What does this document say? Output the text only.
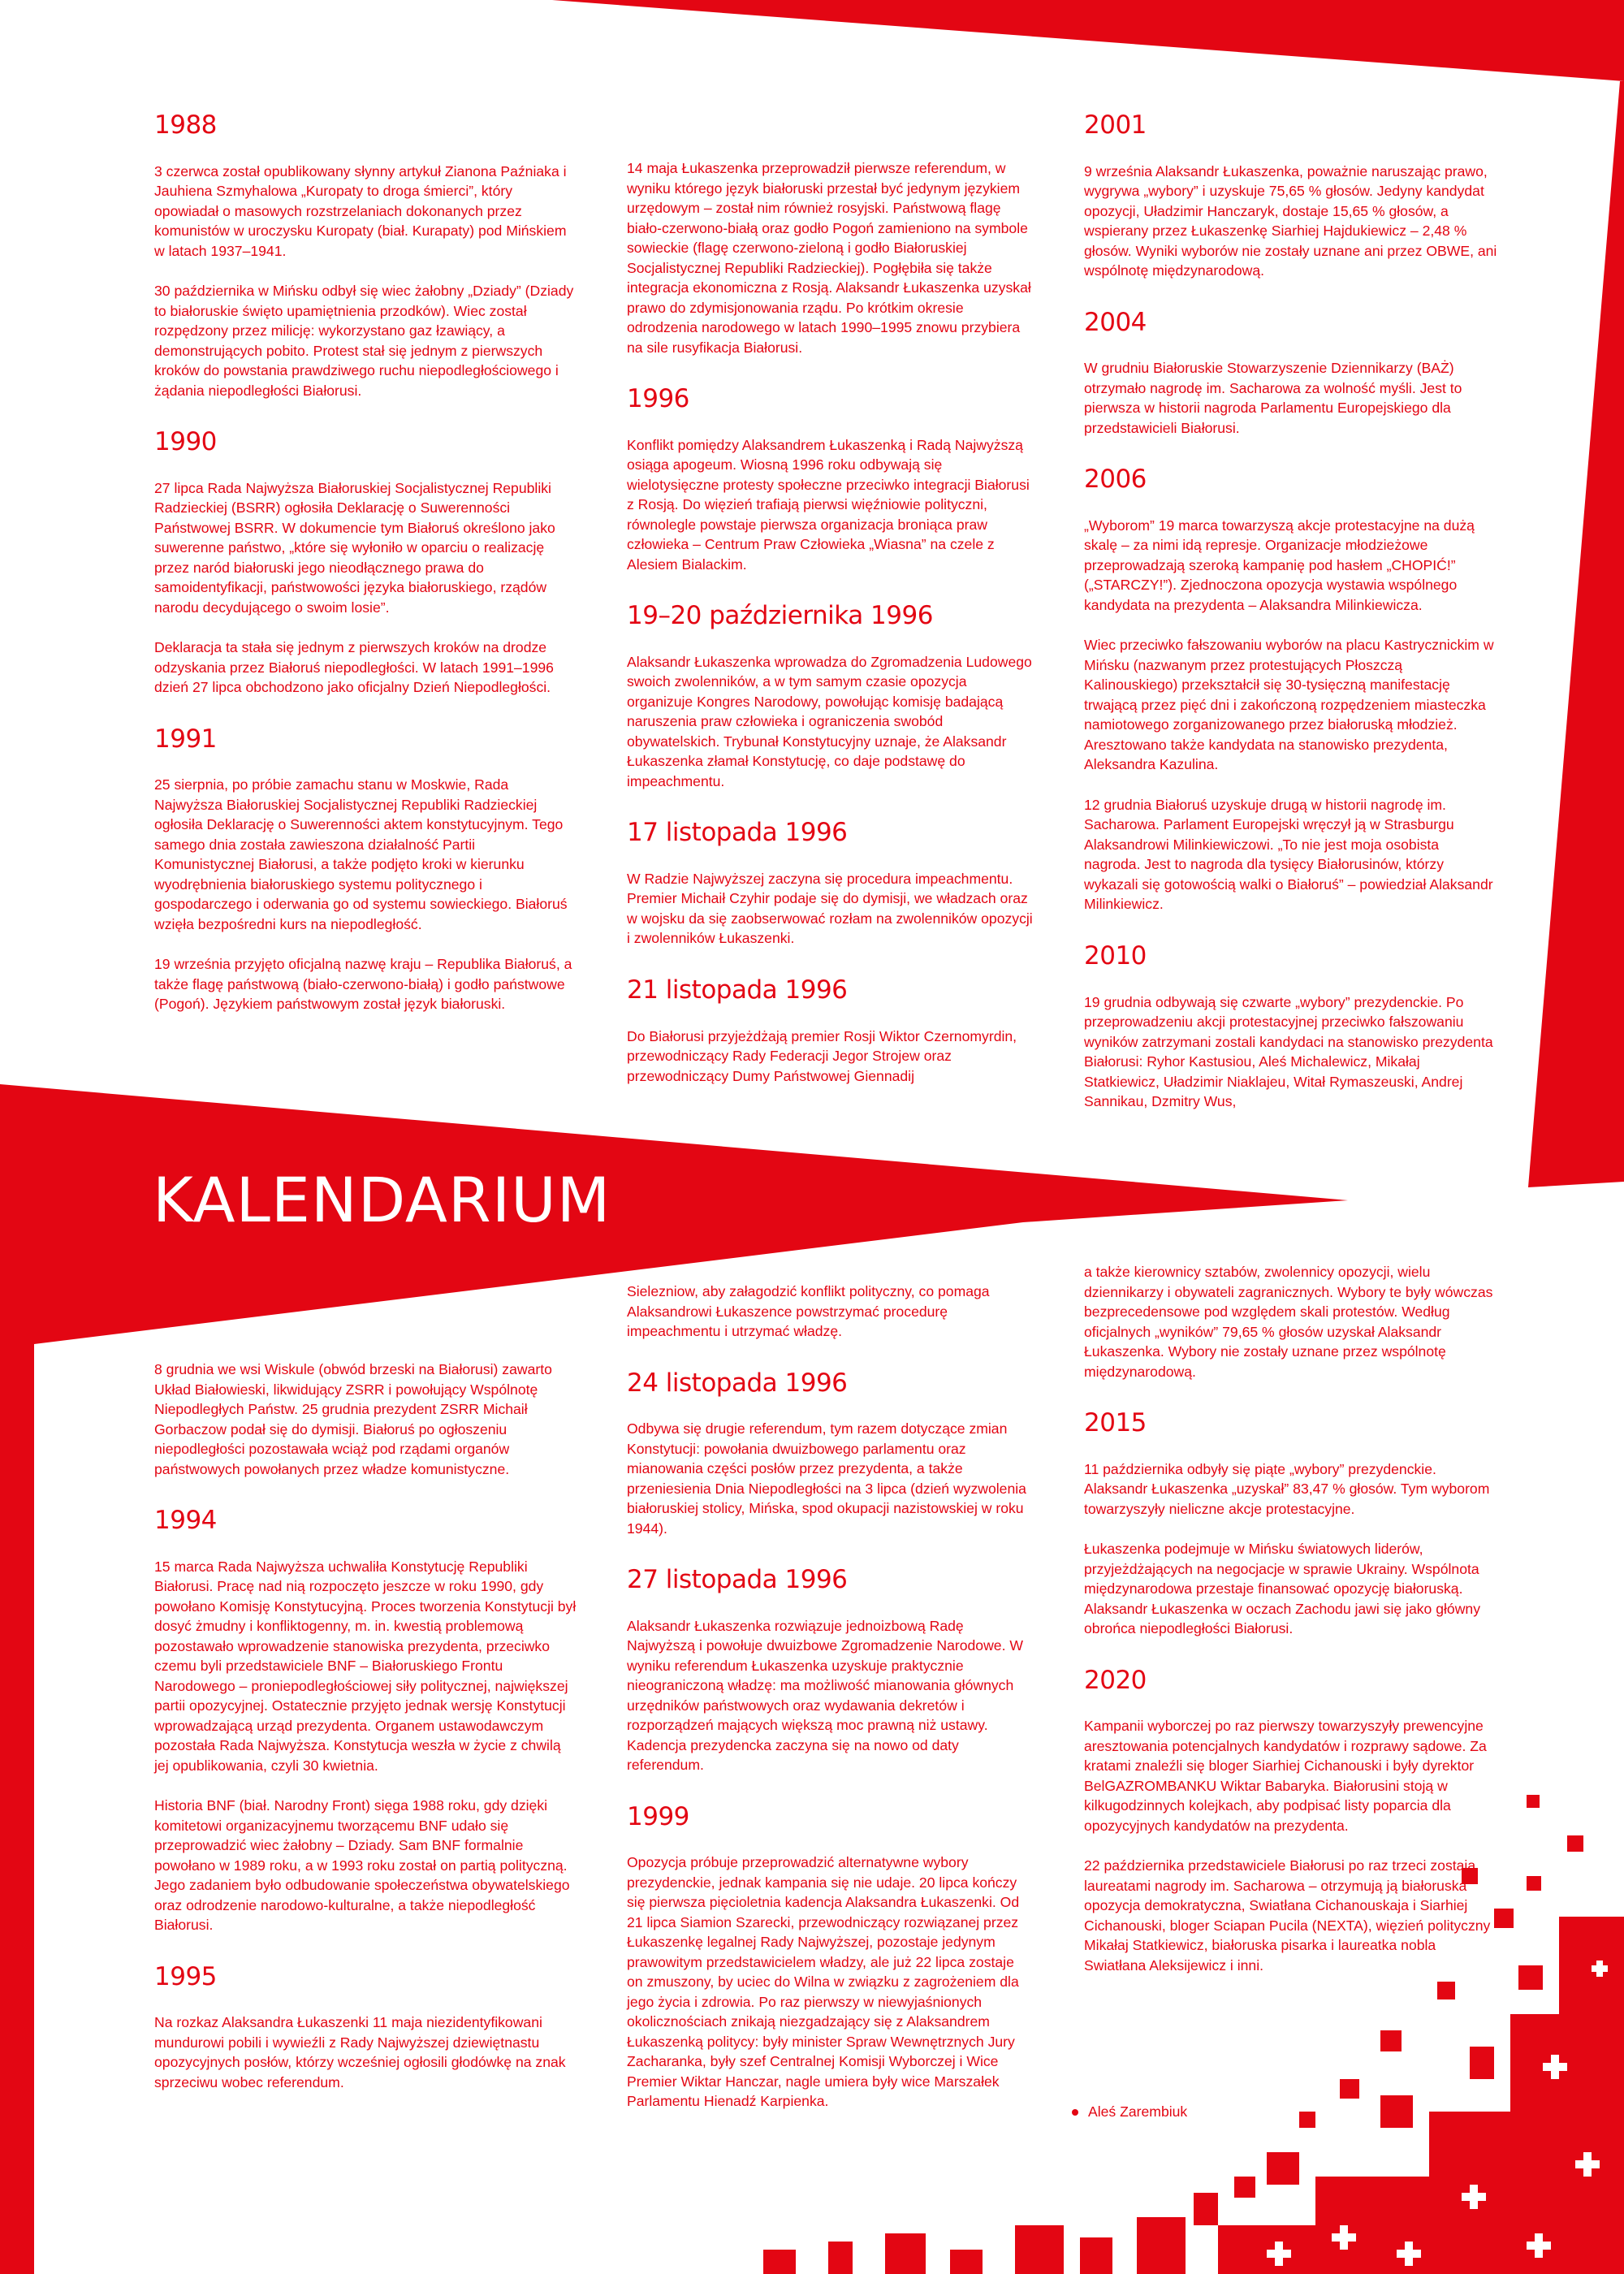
KALENDARIUM
1988

3 czerwca został opublikowany słynny artykuł Zianona Paźniaka i Jauhiena Szmyhalowa „Kuropaty to droga śmierci”, który opowiadał o masowych rozstrzelaniach dokonanych przez komunistów w uroczysku Kuropaty (biał. Kurapaty) pod Mińskiem w latach 1937–1941.

30 października w Mińsku odbył się wiec żałobny „Dziady” (Dziady to białoruskie święto upamiętnienia przodków). Wiec został rozpędzony przez milicję: wykorzystano gaz łzawiący, a demonstrujących pobito. Protest stał się jednym z pierwszych kroków do powstania prawdziwego ruchu niepodległościowego i żądania niepodległości Białorusi.

1990

27 lipca Rada Najwyższa Białoruskiej Socjalistycznej Republiki Radzieckiej (BSRR) ogłosiła Deklarację o Suwerenności Państwowej BSRR. W dokumencie tym Białoruś określono jako suwerenne państwo, „które się wyłoniło w oparciu o realizację przez naród białoruski jego nieodłącznego prawa do samoidentyfikacji, państwowości języka białoruskiego, rządów narodu decydującego o swoim losie”.

Deklaracja ta stała się jednym z pierwszych kroków na drodze odzyskania przez Białoruś niepodległości. W latach 1991–1996 dzień 27 lipca obchodzono jako oficjalny Dzień Niepodległości.

1991

25 sierpnia, po próbie zamachu stanu w Moskwie, Rada Najwyższa Białoruskiej Socjalistycznej Republiki Radzieckiej ogłosiła Deklarację o Suwerenności aktem konstytucyjnym. Tego samego dnia została zawieszona działalność Partii Komunistycznej Białorusi, a także podjęto kroki w kierunku wyodrębnienia białoruskiego systemu politycznego i gospodarczego i oderwania go od systemu sowieckiego. Białoruś wzięła bezpośredni kurs na niepodległość.

19 września przyjęto oficjalną nazwę kraju – Republika Białoruś, a także flagę państwową (biało-czerwono-białą) i godło państwowe (Pogoń). Językiem państwowym został język białoruski.

14 maja Łukaszenka przeprowadził pierwsze referendum, w wyniku którego język białoruski przestał być jedynym językiem urzędowym – został nim również rosyjski. Państwową flagę biało-czerwono-białą oraz godło Pogoń zamieniono na symbole sowieckie (flagę czerwono-zieloną i godło Białoruskiej Socjalistycznej Republiki Radzieckiej). Pogłębiła się także integracja ekonomiczna z Rosją. Alaksandr Łukaszenka uzyskał prawo do zdymisjonowania rządu. Po krótkim okresie odrodzenia narodowego w latach 1990–1995 znowu przybiera na sile rusyfikacja Białorusi.

1996

Konflikt pomiędzy Alaksandrem Łukaszenką i Radą Najwyższą osiąga apogeum. Wiosną 1996 roku odbywają się wielotysięczne protesty społeczne przeciwko integracji Białorusi z Rosją. Do więzień trafiają pierwsi więźniowie polityczni, równolegle powstaje pierwsza organizacja broniąca praw człowieka – Centrum Praw Człowieka „Wiasna” na czele z Alesiem Bialackim.

19–20 października 1996

Alaksandr Łukaszenka wprowadza do Zgromadzenia Ludowego swoich zwolenników, a w tym samym czasie opozycja organizuje Kongres Narodowy, powołując komisję badającą naruszenia praw człowieka i ograniczenia swobód obywatelskich. Trybunał Konstytucyjny uznaje, że Alaksandr Łukaszenka złamał Konstytucję, co daje podstawę do impeachmentu.

17 listopada 1996

W Radzie Najwyższej zaczyna się procedura impeachmentu. Premier Michaił Czyhir podaje się do dymisji, we władzach oraz w wojsku da się zaobserwować rozłam na zwolenników opozycji i zwolenników Łukaszenki.

21 listopada 1996

Do Białorusi przyjeżdżają premier Rosji Wiktor Czernomyrdin, przewodniczący Rady Federacji Jegor Strojew oraz przewodniczący Dumy Państwowej Giennadij

2001

9 września Alaksandr Łukaszenka, poważnie naruszając prawo, wygrywa „wybory” i uzyskuje 75,65 % głosów. Jedyny kandydat opozycji, Uładzimir Hanczaryk, dostaje 15,65 % głosów, a wspierany przez Łukaszenkę Siarhiej Hajdukiewicz – 2,48 % głosów. Wyniki wyborów nie zostały uznane ani przez OBWE, ani wspólnotę międzynarodową.

2004

W grudniu Białoruskie Stowarzyszenie Dziennikarzy (BAŻ) otrzymało nagrodę im. Sacharowa za wolność myśli. Jest to pierwsza w historii nagroda Parlamentu Europejskiego dla przedstawicieli Białorusi.

2006

„Wyborom” 19 marca towarzyszą akcje protestacyjne na dużą skalę – za nimi idą represje. Organizacje młodzieżowe przeprowadzają szeroką kampanię pod hasłem „CHOPIĆ!” („STARCZY!”). Zjednoczona opozycja wystawia wspólnego kandydata na prezydenta – Alaksandra Milinkiewicza.

Wiec przeciwko fałszowaniu wyborów na placu Kastrycznickim w Mińsku (nazwanym przez protestujących Płoszczą Kalinouskiego) przekształcił się 30-tysięczną manifestację trwającą przez pięć dni i zakończoną rozpędzeniem miasteczka namiotowego zorganizowanego przez białoruską młodzież. Aresztowano także kandydata na stanowisko prezydenta, Aleksandra Kazulina.

12 grudnia Białoruś uzyskuje drugą w historii nagrodę im. Sacharowa. Parlament Europejski wręczył ją w Strasburgu Alaksandrowi Milinkiewiczowi. „To nie jest moja osobista nagroda. Jest to nagroda dla tysięcy Białorusinów, którzy wykazali się gotowością walki o Białoruś” – powiedział Alaksandr Milinkiewicz.

2010

19 grudnia odbywają się czwarte „wybory” prezydenckie. Po przeprowadzeniu akcji protestacyjnej przeciwko fałszowaniu wyników zatrzymani zostali kandydaci na stanowisko prezydenta Białorusi: Ryhor Kastusiou, Aleś Michalewicz, Mikałaj Statkiewicz, Uładzimir Niaklajeu, Witał Rymaszeuski, Andrej Sannikau, Dzmitry Wus,

8 grudnia we wsi Wiskule (obwód brzeski na Białorusi) zawarto Układ Białowieski, likwidujący ZSRR i powołujący Wspólnotę Niepodległych Państw. 25 grudnia prezydent ZSRR Michaił Gorbaczow podał się do dymisji. Białoruś po ogłoszeniu niepodległości pozostawała wciąż pod rządami organów państwowych powołanych przez władze komunistyczne.

1994

15 marca Rada Najwyższa uchwaliła Konstytucję Republiki Białorusi. Pracę nad nią rozpoczęto jeszcze w roku 1990, gdy powołano Komisję Konstytucyjną. Proces tworzenia Konstytucji był dosyć żmudny i konfliktogenny, m. in. kwestią problemową pozostawało wprowadzenie stanowiska prezydenta, przeciwko czemu byli przedstawiciele BNF – Białoruskiego Frontu Narodowego – proniepodległościowej siły politycznej, największej partii opozycyjnej. Ostatecznie przyjęto jednak wersję Konstytucji wprowadzającą urząd prezydenta. Organem ustawodawczym pozostała Rada Najwyższa. Konstytucja weszła w życie z chwilą jej opublikowania, czyli 30 kwietnia.

Historia BNF (biał. Narodny Front) sięga 1988 roku, gdy dzięki komitetowi organizacyjnemu tworzącemu BNF udało się przeprowadzić wiec żałobny – Dziady. Sam BNF formalnie powołano w 1989 roku, a w 1993 roku został on partią polityczną. Jego zadaniem było odbudowanie społeczeństwa obywatelskiego oraz odrodzenie narodowo-kulturalne, a także niepodległość Białorusi.

1995

Na rozkaz Alaksandra Łukaszenki 11 maja niezidentyfikowani mundurowi pobili i wywieźli z Rady Najwyższej dziewiętnastu opozycyjnych posłów, którzy wcześniej ogłosili głodówkę na znak sprzeciwu wobec referendum.

Sielezniow, aby załagodzić konflikt polityczny, co pomaga Alaksandrowi Łukaszence powstrzymać procedurę impeachmentu i utrzymać władzę.

24 listopada 1996

Odbywa się drugie referendum, tym razem dotyczące zmian Konstytucji: powołania dwuizbowego parlamentu oraz mianowania części posłów przez prezydenta, a także przeniesienia Dnia Niepodległości na 3 lipca (dzień wyzwolenia białoruskiej stolicy, Mińska, spod okupacji nazistowskiej w roku 1944).

27 listopada 1996

Alaksandr Łukaszenka rozwiązuje jednoizbową Radę Najwyższą i powołuje dwuizbowe Zgromadzenie Narodowe. W wyniku referendum Łukaszenka uzyskuje praktycznie nieograniczoną władzę: ma możliwość mianowania głównych urzędników państwowych oraz wydawania dekretów i rozporządzeń mających większą moc prawną niż ustawy. Kadencja prezydencka zaczyna się na nowo od daty referendum.

1999

Opozycja próbuje przeprowadzić alternatywne wybory prezydenckie, jednak kampania się nie udaje. 20 lipca kończy się pierwsza pięcioletnia kadencja Alaksandra Łukaszenki. Od 21 lipca Siamion Szarecki, przewodniczący rozwiązanej przez Łukaszenkę legalnej Rady Najwyższej, pozostaje jedynym prawowitym przedstawicielem władzy, ale już 22 lipca zostaje on zmuszony, by uciec do Wilna w związku z zagrożeniem dla jego życia i zdrowia. Po raz pierwszy w niewyjaśnionych okolicznościach znikają niezgadzający się z Alaksandrem Łukaszenką politycy: były minister Spraw Wewnętrznych Jury Zacharanka, były szef Centralnej Komisji Wyborczej i Wice Premier Wiktar Hanczar, nagle umiera były wice Marszałek Parlamentu Hienadź Karpienka.

a także kierownicy sztabów, zwolennicy opozycji, wielu dziennikarzy i obywateli zagranicznych. Wybory te były wówczas bezprecedensowe pod względem skali protestów. Według oficjalnych „wyników” 79,65 % głosów uzyskał Alaksandr Łukaszenka. Wybory nie zostały uznane przez wspólnotę międzynarodową.

2015

11 października odbyły się piąte „wybory” prezydenckie. Alaksandr Łukaszenka „uzyskał” 83,47 % głosów. Tym wyborom towarzyszyły nieliczne akcje protestacyjne.

Łukaszenka podejmuje w Mińsku światowych liderów, przyjeżdżających na negocjacje w sprawie Ukrainy. Wspólnota międzynarodowa przestaje finansować opozycję białoruską. Alaksandr Łukaszenka w oczach Zachodu jawi się jako główny obrońca niepodległości Białorusi.

2020

Kampanii wyborczej po raz pierwszy towarzyszyły prewencyjne aresztowania potencjalnych kandydatów i rozprawy sądowe. Za kratami znaleźli się bloger Siarhiej Cichanouski i były dyrektor BelGAZROMBANKU Wiktar Babaryka. Białorusini stoją w kilkugodzinnych kolejkach, aby podpisać listy poparcia dla opozycyjnych kandydatów na prezydenta.

22 października przedstawiciele Białorusi po raz trzeci zostają laureatami nagrody im. Sacharowa – otrzymują ją białoruska opozycja demokratyczna, Swiatłana Cichanouskaja i Siarhiej Cichanouski, bloger Sciapan Pucila (NEXTA), więzień polityczny Mikałaj Statkiewicz, białoruska pisarka i laureatka nobla Swiatłana Aleksijewicz i inni.

Aleś Zarembiuk
